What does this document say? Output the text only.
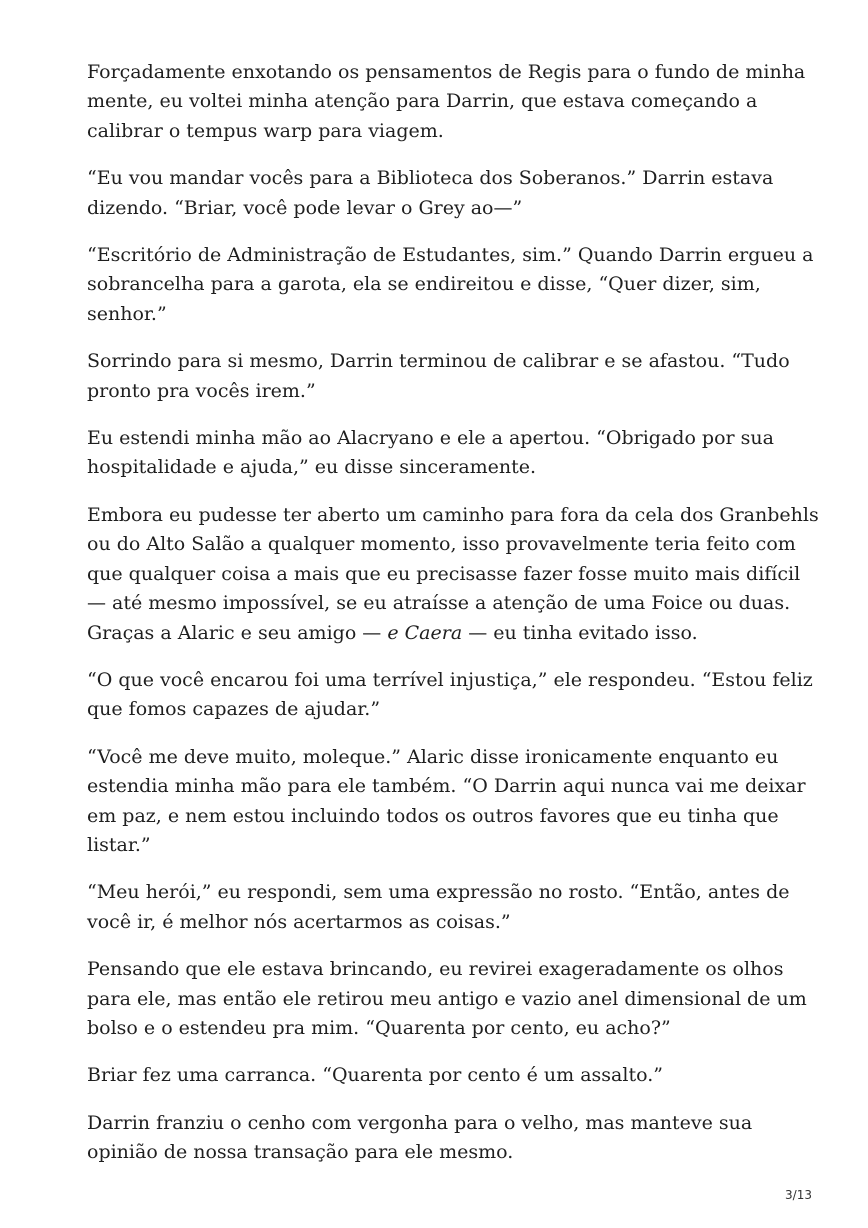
Forçadamente enxotando os pensamentos de Regis para o fundo de minha
mente, eu voltei minha atenção para Darrin, que estava começando a
calibrar o tempus warp para viagem.

“Eu vou mandar vocês para a Biblioteca dos Soberanos.” Darrin estava
dizendo. “Briar, você pode levar o Grey ao—”

“Escritório de Administração de Estudantes, sim.” Quando Darrin ergueu a
sobrancelha para a garota, ela se endireitou e disse, “Quer dizer, sim,
senhor.”

Sorrindo para si mesmo, Darrin terminou de calibrar e se afastou. “Tudo
pronto pra vocês irem.”

Eu estendi minha mão ao Alacryano e ele a apertou. “Obrigado por sua
hospitalidade e ajuda,” eu disse sinceramente.

Embora eu pudesse ter aberto um caminho para fora da cela dos Granbehls
ou do Alto Salão a qualquer momento, isso provavelmente teria feito com
que qualquer coisa a mais que eu precisasse fazer fosse muito mais difícil
— até mesmo impossível, se eu atraísse a atenção de uma Foice ou duas.
Graças a Alaric e seu amigo — e Caera — eu tinha evitado isso.

“O que você encarou foi uma terrível injustiça,” ele respondeu. “Estou feliz
que fomos capazes de ajudar.”

“Você me deve muito, moleque.” Alaric disse ironicamente enquanto eu
estendia minha mão para ele também. “O Darrin aqui nunca vai me deixar
em paz, e nem estou incluindo todos os outros favores que eu tinha que
listar.”

“Meu herói,” eu respondi, sem uma expressão no rosto. “Então, antes de
você ir, é melhor nós acertarmos as coisas.”

Pensando que ele estava brincando, eu revirei exageradamente os olhos
para ele, mas então ele retirou meu antigo e vazio anel dimensional de um
bolso e o estendeu pra mim. “Quarenta por cento, eu acho?”

Briar fez uma carranca. “Quarenta por cento é um assalto.”

Darrin franziu o cenho com vergonha para o velho, mas manteve sua
opinião de nossa transação para ele mesmo.

3/13
